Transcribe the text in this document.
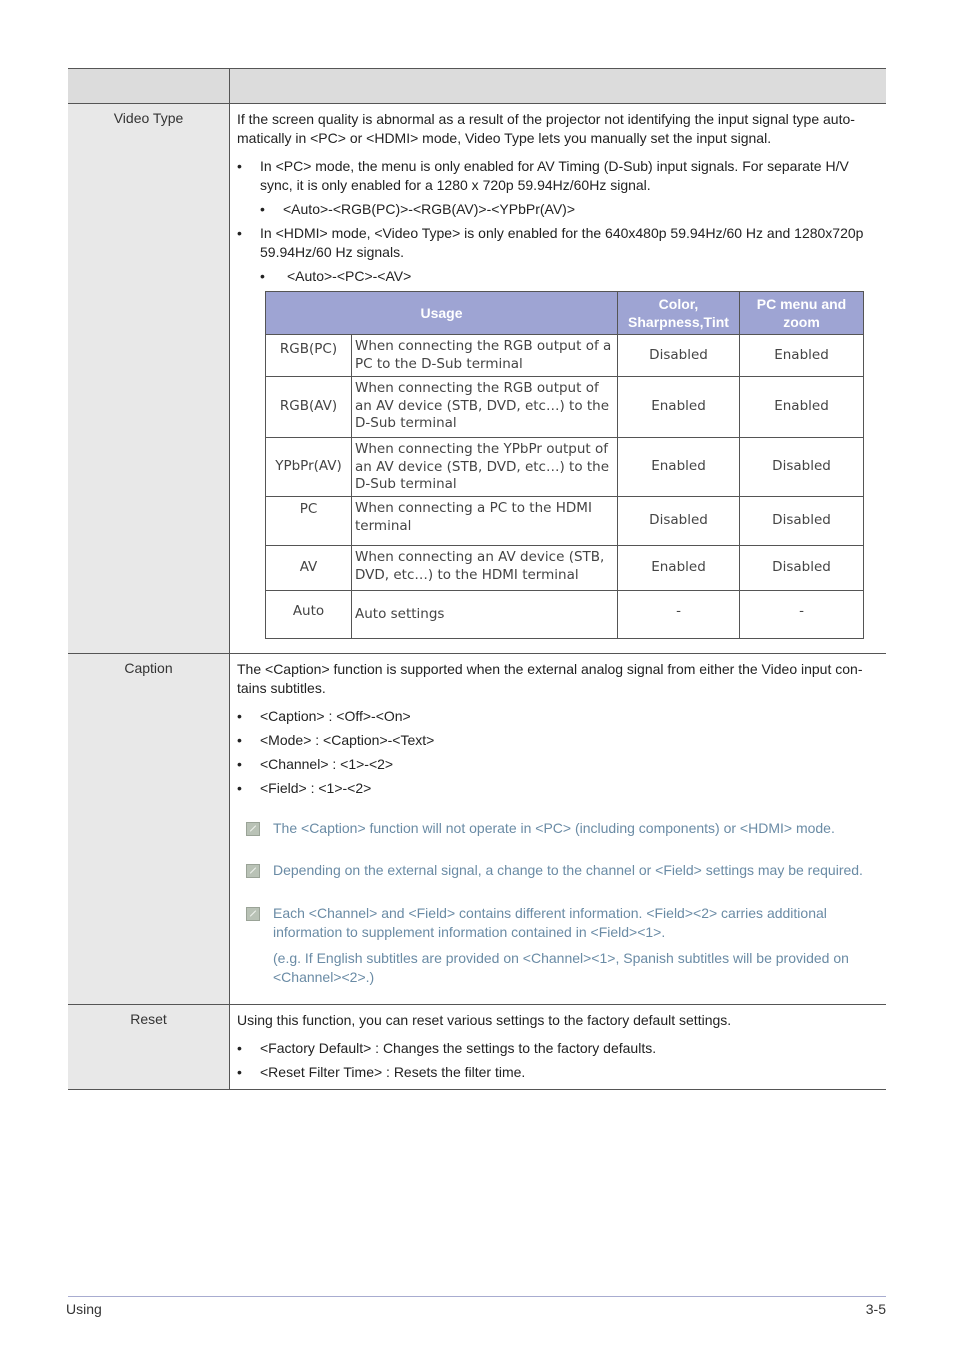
Video Type	If the screen quality is abnormal as a result of the projector not identifying the input signal type auto-matically in <PC> or <HDMI> mode, Video Type lets you manually set the input signal.

• In <PC> mode, the menu is only enabled for AV Timing (D-Sub) input signals. For separate H/V sync, it is only enabled for a 1280 x 720p 59.94Hz/60Hz signal.
• <Auto>-<RGB(PC)>-<RGB(AV)>-<YPbPr(AV)>
• In <HDMI> mode, <Video Type> is only enabled for the 640x480p 59.94Hz/60 Hz and 1280x720p 59.94Hz/60 Hz signals.
• <Auto>-<PC>-<AV>
Usage	Color, Sharpness,Tint	PC menu and zoom
RGB(PC)	When connecting the RGB output of a PC to the D-Sub terminal	Disabled	Enabled
RGB(AV)	When connecting the RGB output of an AV device (STB, DVD, etc…) to the D-Sub terminal	Enabled	Enabled
YPbPr(AV)	When connecting the YPbPr output of an AV device (STB, DVD, etc…) to the D-Sub terminal	Enabled	Disabled
PC	When connecting a PC to the HDMI terminal	Disabled	Disabled
AV	When connecting an AV device (STB, DVD, etc…) to the HDMI terminal	Enabled	Disabled
Auto	Auto settings	-	-

Caption	The <Caption> function is supported when the external analog signal from either the Video input con-tains subtitles.

• <Caption> : <Off>-<On>
• <Mode> : <Caption>-<Text>
• <Channel> : <1>-<2>
• <Field> : <1>-<2>
The <Caption> function will not operate in <PC> (including components) or <HDMI> mode.
Depending on the external signal, a change to the channel or <Field> settings may be required.
Each <Channel> and <Field> contains different information. <Field><2> carries additional information to supplement information contained in <Field><1>.
(e.g. If English subtitles are provided on <Channel><1>, Spanish subtitles will be provided on <Channel><2>.)

Reset	Using this function, you can reset various settings to the factory default settings.

• <Factory Default> : Changes the settings to the factory defaults.
• <Reset Filter Time> : Resets the filter time.
Using	3-5
